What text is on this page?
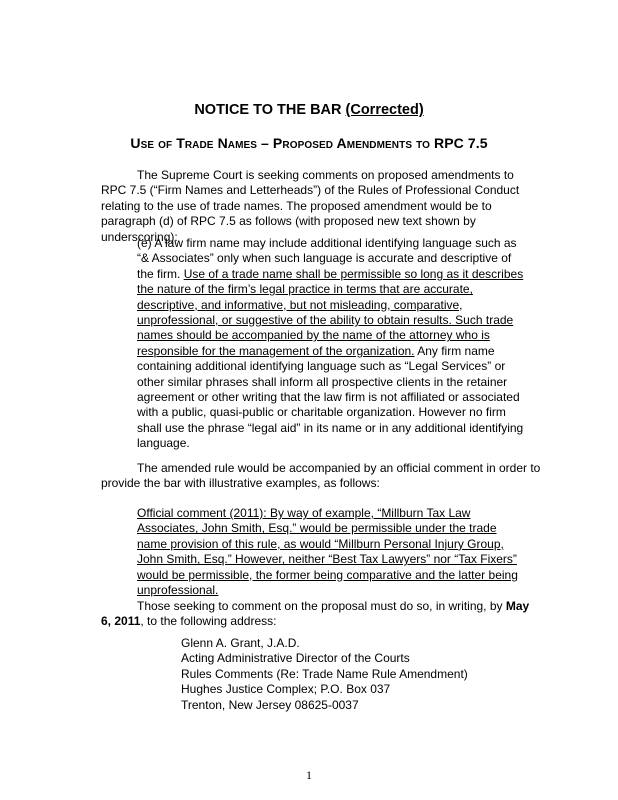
NOTICE TO THE BAR (Corrected)
Use of Trade Names – Proposed Amendments to RPC 7.5

The Supreme Court is seeking comments on proposed amendments to RPC 7.5 (“Firm Names and Letterheads”) of the Rules of Professional Conduct relating to the use of trade names. The proposed amendment would be to paragraph (d) of RPC 7.5 as follows (with proposed new text shown by underscoring):

(e) A law firm name may include additional identifying language such as “& Associates” only when such language is accurate and descriptive of the firm. Use of a trade name shall be permissible so long as it describes the nature of the firm’s legal practice in terms that are accurate, descriptive, and informative, but not misleading, comparative, unprofessional, or suggestive of the ability to obtain results. Such trade names should be accompanied by the name of the attorney who is responsible for the management of the organization. Any firm name containing additional identifying language such as “Legal Services” or other similar phrases shall inform all prospective clients in the retainer agreement or other writing that the law firm is not affiliated or associated with a public, quasi-public or charitable organization. However no firm shall use the phrase “legal aid” in its name or in any additional identifying language.

The amended rule would be accompanied by an official comment in order to provide the bar with illustrative examples, as follows:

Official comment (2011): By way of example, “Millburn Tax Law Associates, John Smith, Esq.” would be permissible under the trade name provision of this rule, as would “Millburn Personal Injury Group, John Smith, Esq.” However, neither “Best Tax Lawyers” nor “Tax Fixers” would be permissible, the former being comparative and the latter being unprofessional.

Those seeking to comment on the proposal must do so, in writing, by May 6, 2011, to the following address:

Glenn A. Grant, J.A.D.
Acting Administrative Director of the Courts
Rules Comments (Re: Trade Name Rule Amendment)
Hughes Justice Complex; P.O. Box 037
Trenton, New Jersey 08625-0037
1
